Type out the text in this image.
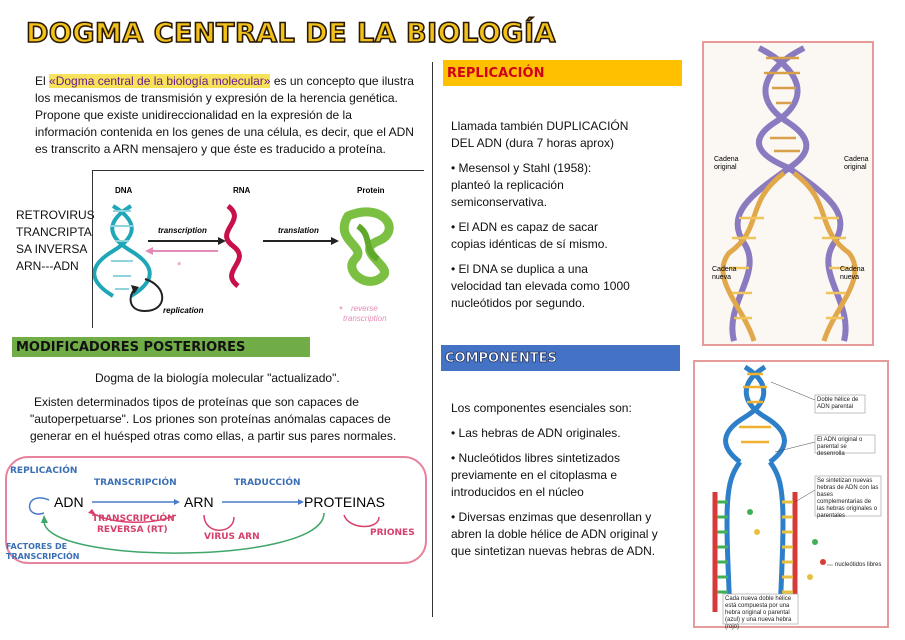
DOGMA CENTRAL DE LA BIOLOGÍA
El «Dogma central de la biología molecular» es un concepto que ilustra los mecanismos de transmisión y expresión de la herencia genética. Propone que existe unidireccionalidad en la expresión de la información contenida en los genes de una célula, es decir, que el ADN es transcrito a ARN mensajero y que éste es traducido a proteína.
RETROVIRUS
TRANCRIPTA
SA INVERSA
ARN---ADN
DNA	RNA	Protein
transcription
*
translation
replication	* reverse
transcription
MODIFICADORES POSTERIORES
Dogma de la biología molecular "actualizado".
Existen determinados tipos de proteínas que son capaces de "autoperpetuarse". Los priones son proteínas anómalas capaces de generar en el huésped otras como ellas, a partir sus pares normales.
REPLICACIÓN
TRANSCRIPCIÓN	TRADUCCIÓN
ADN	ARN	PROTEINAS
TRANSCRIPCIÓN
REVERSA (RT)
VIRUS ARN	PRIONES
FACTORES DE
TRANSCRIPCIÓN
REPLICACIÓN

Llamada también DUPLICACIÓN DEL ADN (dura 7 horas aprox)

• Mesensol y Stahl (1958): planteó la replicación semiconservativa.

• El ADN es capaz de sacar copias idénticas de sí mismo.

• El DNA se duplica a una velocidad tan elevada como 1000 nucleótidos por segundo.

COMPONENTES

Los componentes esenciales son:

• Las hebras de ADN originales.

• Nucleótidos libres sintetizados previamente en el citoplasma e introducidos en el núcleo

• Diversas enzimas que desenrollan y abren la doble hélice de ADN original y que sintetizan nuevas hebras de ADN.

Cadena
original
Cadena
original
Cadena
nueva
Cadena
nueva
Doble hélice de ADN parental
El ADN original o parental se desenrolla
Se sintetizan nuevas hebras de ADN con las bases complementarias de las hebras originales o parentales
nucleótidos libres
Cada nueva doble hélice está compuesta por una hebra original o parental (azul) y una nueva hebra (rojo)
